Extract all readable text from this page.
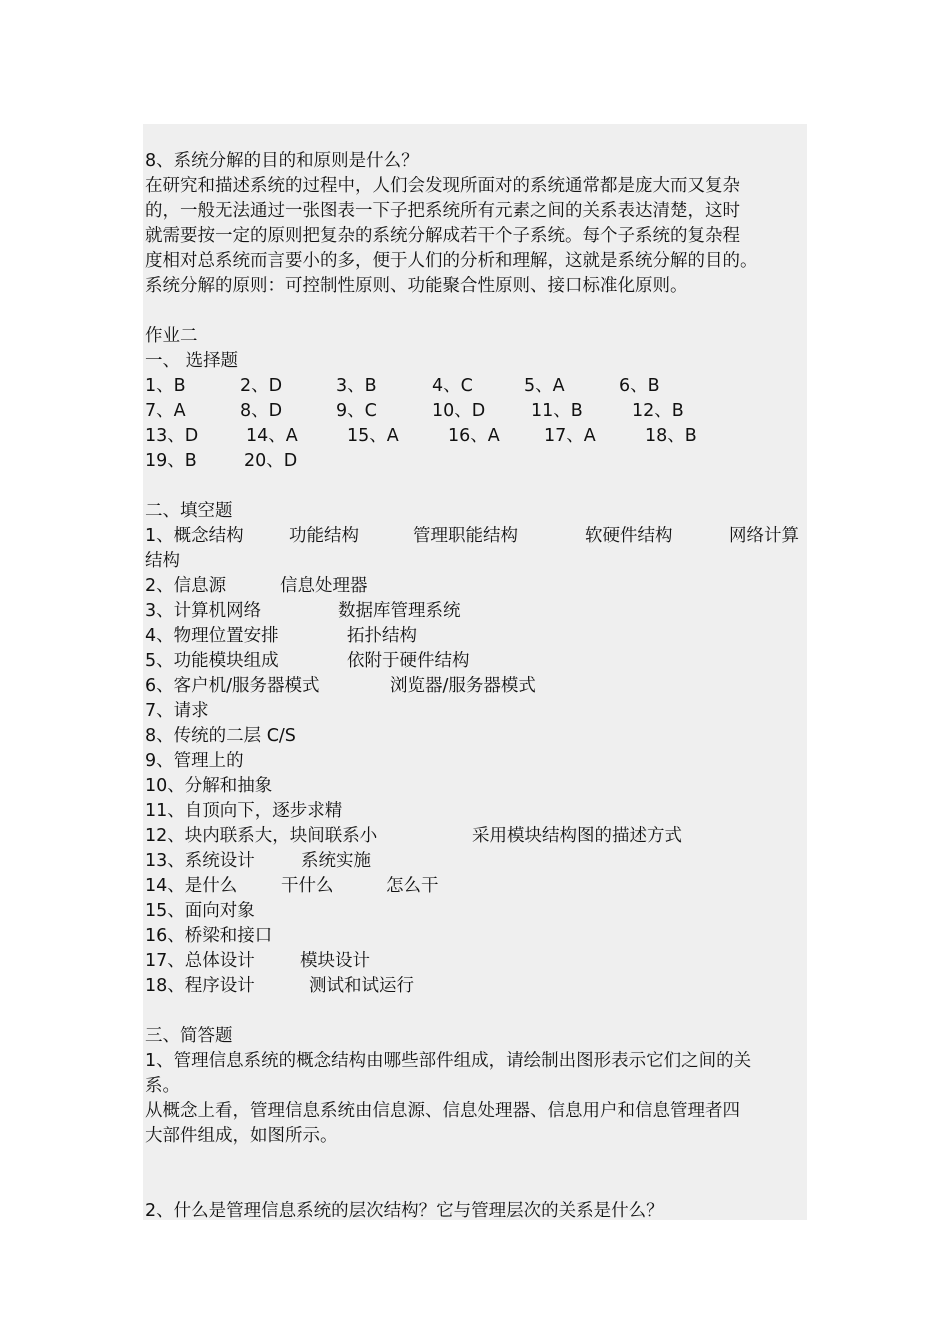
8、系统分解的目的和原则是什么？
在研究和描述系统的过程中，人们会发现所面对的系统通常都是庞大而又复杂
的，一般无法通过一张图表一下子把系统所有元素之间的关系表达清楚，这时
就需要按一定的原则把复杂的系统分解成若干个子系统。每个子系统的复杂程
度相对总系统而言要小的多，便于人们的分析和理解，这就是系统分解的目的。
系统分解的原则：可控制性原则、功能聚合性原则、接口标准化原则。
作业二
一、 选择题
1、B	2、D	3、B	4、C	5、A	6、B
7、A	8、D	9、C	10、D	11、B	12、B
13、D	14、A	15、A	16、A	17、A	18、B
19、B	20、D
二、填空题
1、概念结构	功能结构	管理职能结构	软硬件结构	网络计算
结构
2、信息源	信息处理器
3、计算机网络	数据库管理系统
4、物理位置安排	拓扑结构
5、功能模块组成	依附于硬件结构
6、客户机/服务器模式	浏览器/服务器模式
7、请求
8、传统的二层 C/S
9、管理上的
10、分解和抽象
11、自顶向下，逐步求精
12、块内联系大，块间联系小	采用模块结构图的描述方式
13、系统设计	系统实施
14、是什么 干什么	怎么干
15、面向对象
16、桥梁和接口
17、总体设计	模块设计
18、程序设计	测试和试运行
三、简答题
1、管理信息系统的概念结构由哪些部件组成，请绘制出图形表示它们之间的关
系。
从概念上看，管理信息系统由信息源、信息处理器、信息用户和信息管理者四
大部件组成，如图所示。
2、什么是管理信息系统的层次结构？它与管理层次的关系是什么？
